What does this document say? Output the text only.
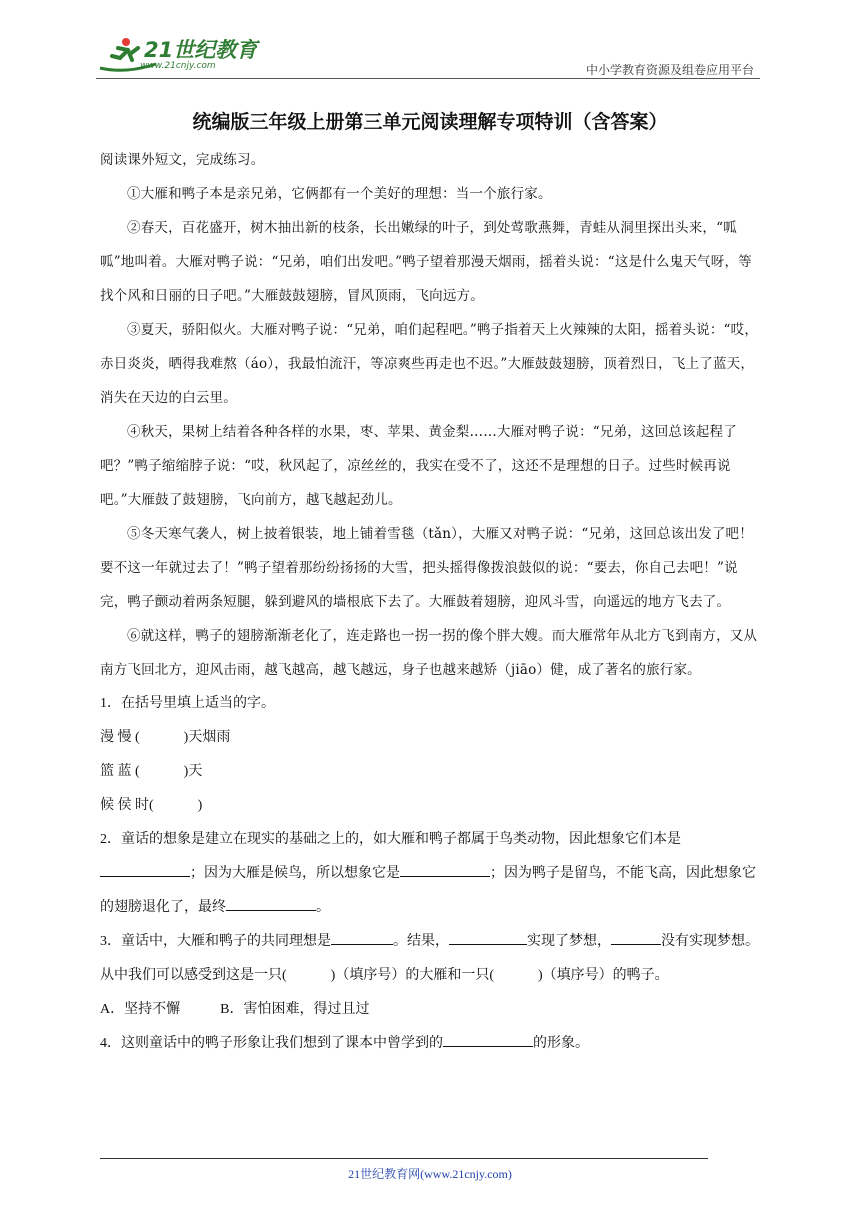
21世纪教育
www.21cnjy.com	中小学教育资源及组卷应用平台
统编版三年级上册第三单元阅读理解专项特训（含答案）

阅读课外短文，完成练习。

①大雁和鸭子本是亲兄弟，它俩都有一个美好的理想：当一个旅行家。

②春天，百花盛开，树木抽出新的枝条，长出嫩绿的叶子，到处莺歌燕舞，青蛙从洞里探出头来，“呱呱”地叫着。大雁对鸭子说：“兄弟，咱们出发吧。”鸭子望着那漫天烟雨，摇着头说：“这是什么鬼天气呀，等找个风和日丽的日子吧。”大雁鼓鼓翅膀，冒风顶雨，飞向远方。

③夏天，骄阳似火。大雁对鸭子说：“兄弟，咱们起程吧。”鸭子指着天上火辣辣的太阳，摇着头说：“哎，赤日炎炎，晒得我难熬（áo），我最怕流汗，等凉爽些再走也不迟。”大雁鼓鼓翅膀，顶着烈日，飞上了蓝天，消失在天边的白云里。

④秋天，果树上结着各种各样的水果，枣、苹果、黄金梨……大雁对鸭子说：“兄弟，这回总该起程了吧？”鸭子缩缩脖子说：“哎，秋风起了，凉丝丝的，我实在受不了，这还不是理想的日子。过些时候再说吧。”大雁鼓了鼓翅膀，飞向前方，越飞越起劲儿。

⑤冬天寒气袭人，树上披着银装，地上铺着雪毯（tǎn），大雁又对鸭子说：“兄弟，这回总该出发了吧！要不这一年就过去了！”鸭子望着那纷纷扬扬的大雪，把头摇得像拨浪鼓似的说：“要去，你自己去吧！”说完，鸭子颤动着两条短腿，躲到避风的墙根底下去了。大雁鼓着翅膀，迎风斗雪，向遥远的地方飞去了。

⑥就这样，鸭子的翅膀渐渐老化了，连走路也一拐一拐的像个胖大嫂。而大雁常年从北方飞到南方，又从南方飞回北方，迎风击雨，越飞越高，越飞越远，身子也越来越矫（jiāo）健，成了著名的旅行家。

1．在括号里填上适当的字。

漫 慢 (	)天烟雨

篮 蓝 (	)天

候 侯 时(	)

2．童话的想象是建立在现实的基础之上的，如大雁和鸭子都属于鸟类动物，因此想象它们本是；因为大雁是候鸟，所以想象它是	；因为鸭子是留鸟，不能飞高，因此想象它的翅膀退化了，最终	。

3．童话中，大雁和鸭子的共同理想是	。结果，	实现了梦想，	没有实现梦想。从中我们可以感受到这是一只(	)（填序号）的大雁和一只(	)（填序号）的鸭子。

A．坚持不懈	B．害怕困难，得过且过

4．这则童话中的鸭子形象让我们想到了课本中曾学到的	的形象。

21世纪教育网(www.21cnjy.com)
